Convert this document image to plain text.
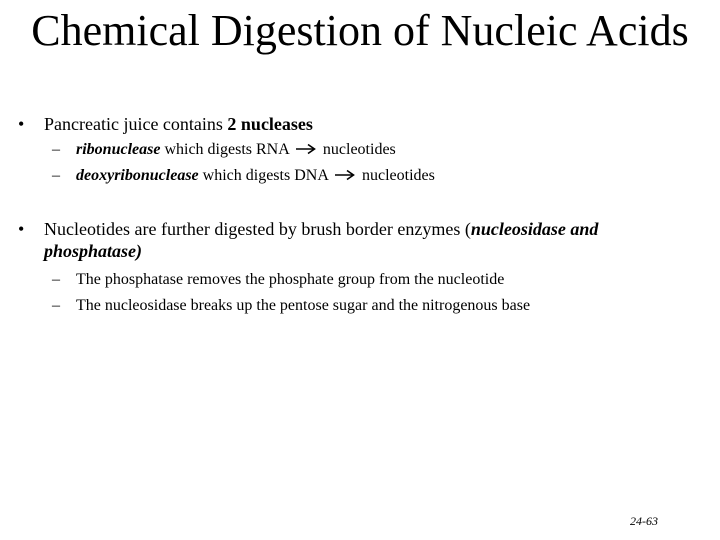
Chemical Digestion of Nucleic Acids
• Pancreatic juice contains 2 nucleases
– ribonuclease which digests RNA  nucleotides
– deoxyribonuclease which digests DNA  nucleotides
• Nucleotides are further digested by brush border enzymes (nucleosidase and phosphatase)
– The phosphatase removes the phosphate group from the nucleotide
– The nucleosidase breaks up the pentose sugar and the nitrogenous base
24-63
